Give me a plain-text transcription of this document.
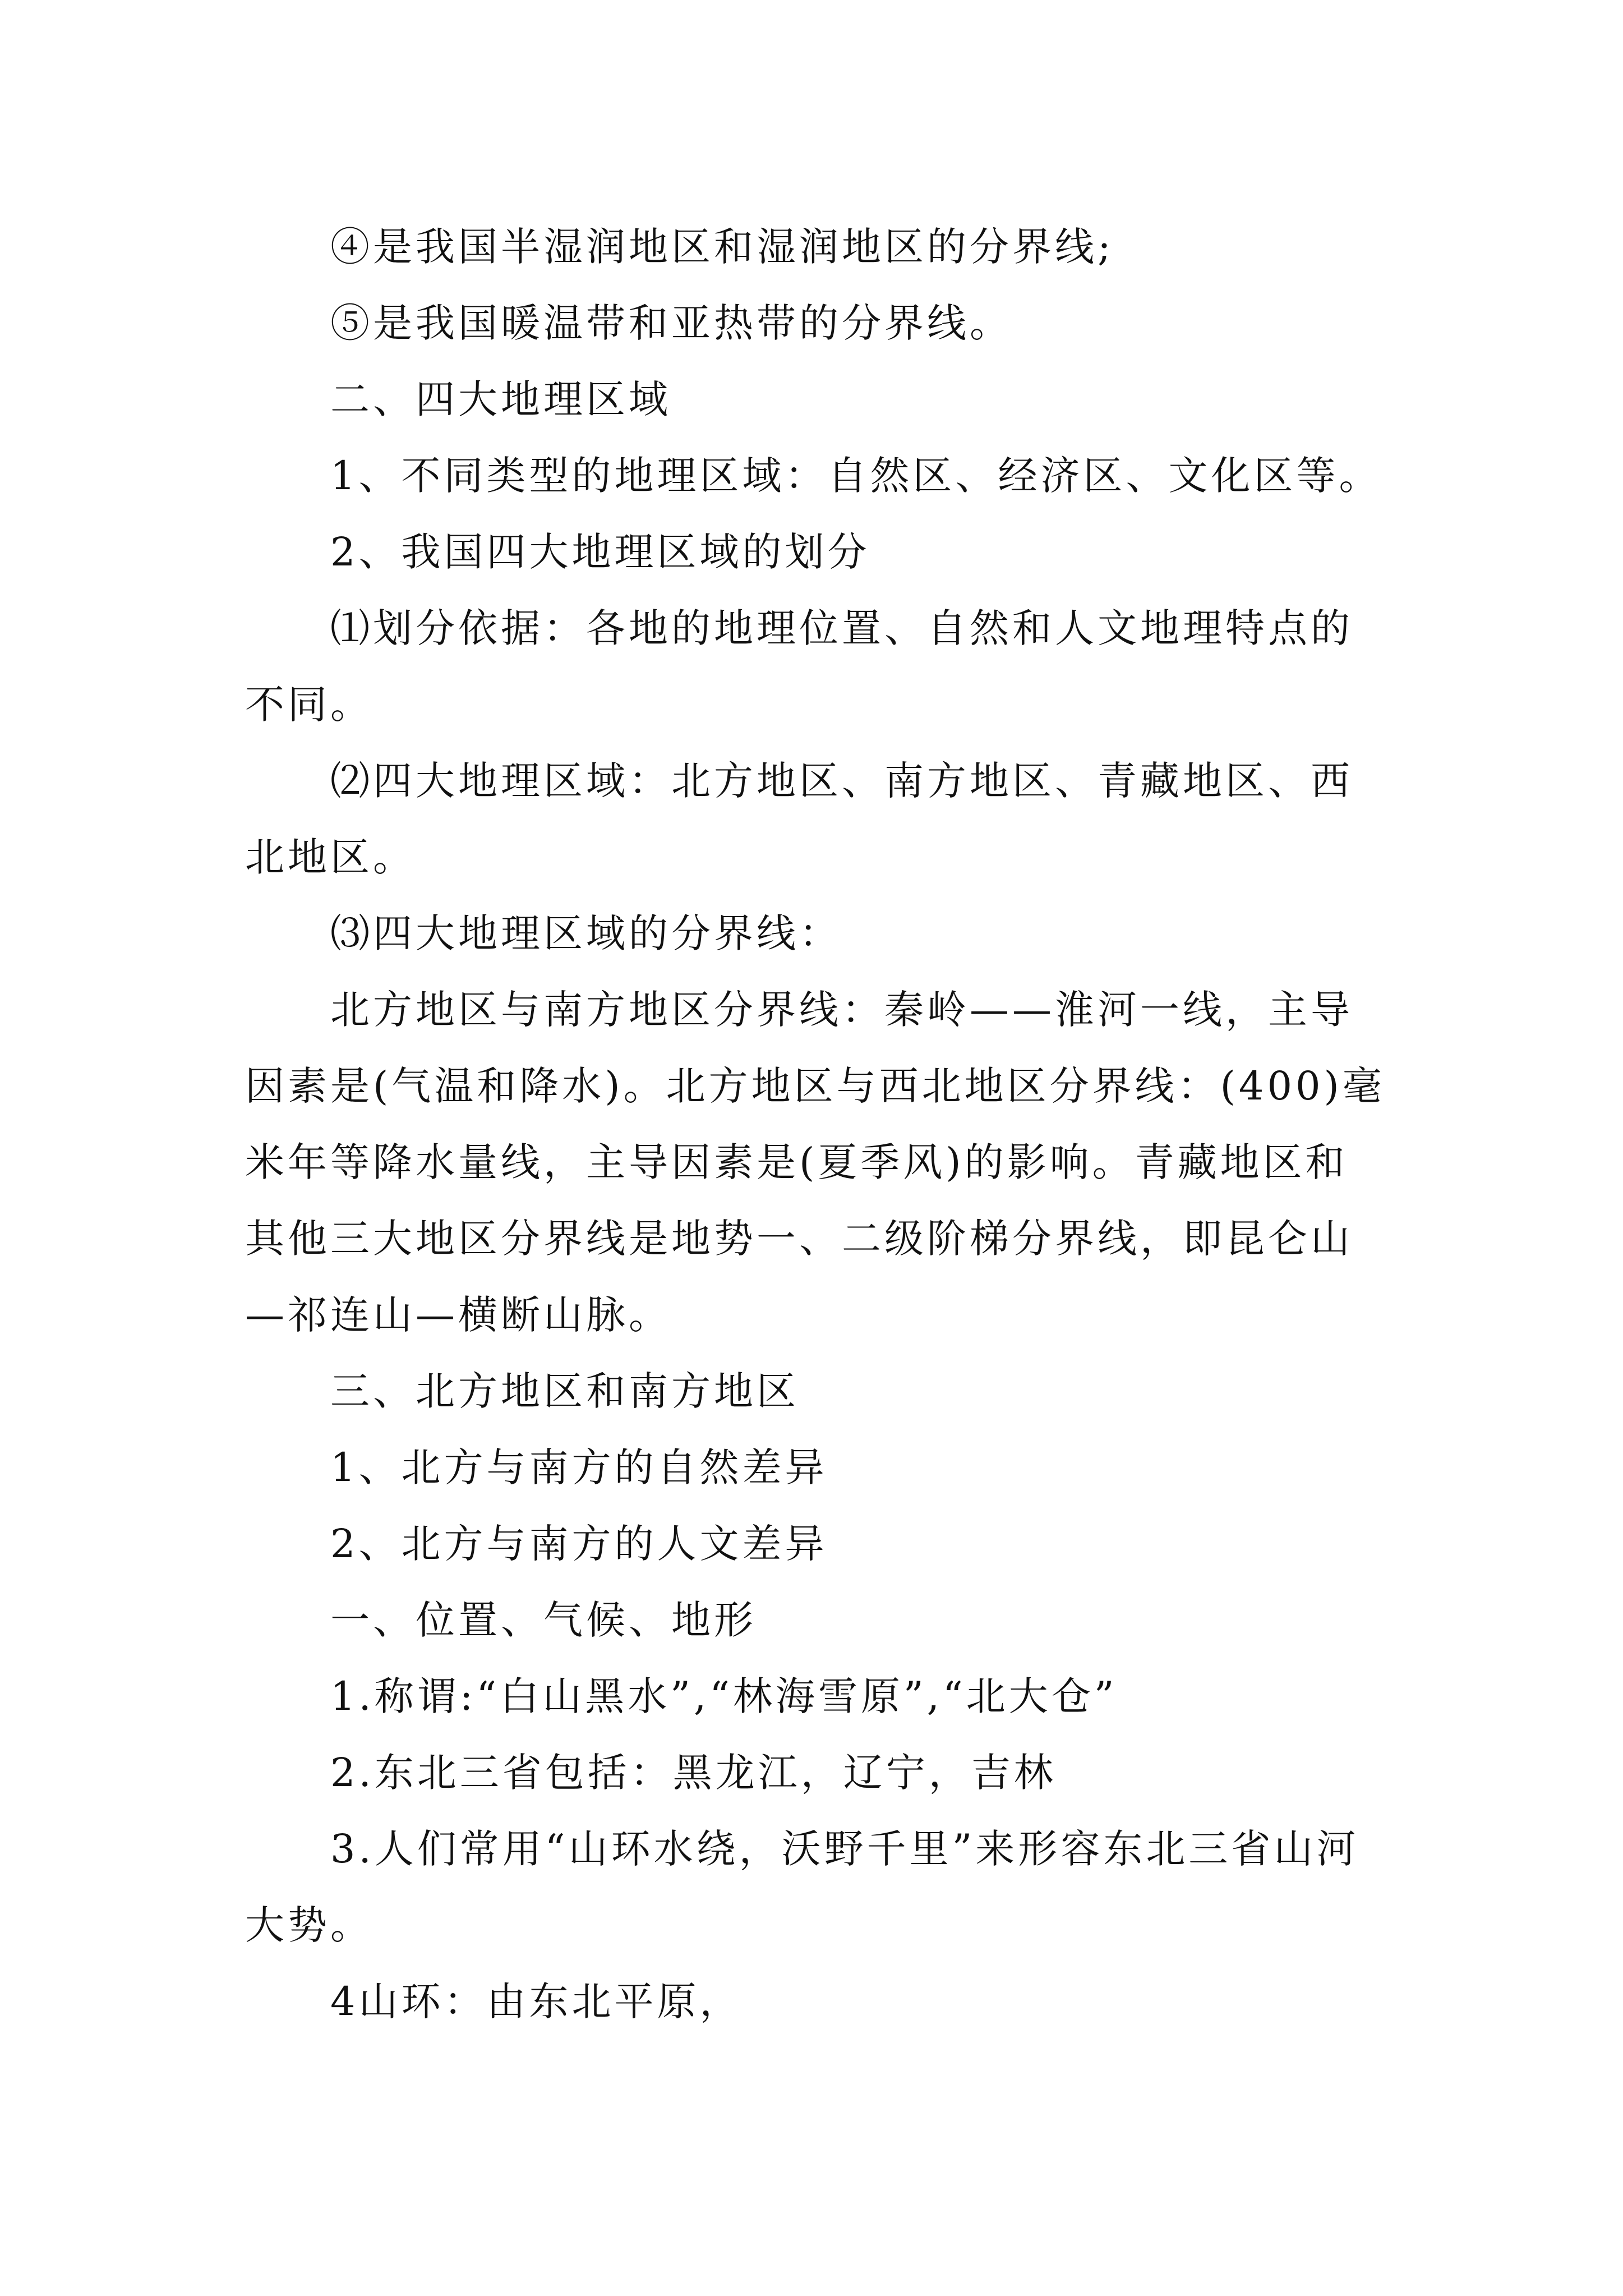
④是我国半湿润地区和湿润地区的分界线;

⑤是我国暖温带和亚热带的分界线。

二、四大地理区域

1、不同类型的地理区域：自然区、经济区、文化区等。

2、我国四大地理区域的划分

⑴划分依据：各地的地理位置、自然和人文地理特点的不同。

⑵四大地理区域：北方地区、南方地区、青藏地区、西北地区。

⑶四大地理区域的分界线：

北方地区与南方地区分界线：秦岭——淮河一线，主导因素是(气温和降水)。北方地区与西北地区分界线：(400)毫米年等降水量线，主导因素是(夏季风)的影响。青藏地区和其他三大地区分界线是地势一、二级阶梯分界线，即昆仑山—祁连山—横断山脉。

三、北方地区和南方地区

1、北方与南方的自然差异

2、北方与南方的人文差异

一、位置、气候、地形

1.称谓:“白山黑水”,“林海雪原”,“北大仓”

2.东北三省包括：黑龙江，辽宁，吉林

3.人们常用“山环水绕，沃野千里”来形容东北三省山河大势。

4山环：由东北平原，
